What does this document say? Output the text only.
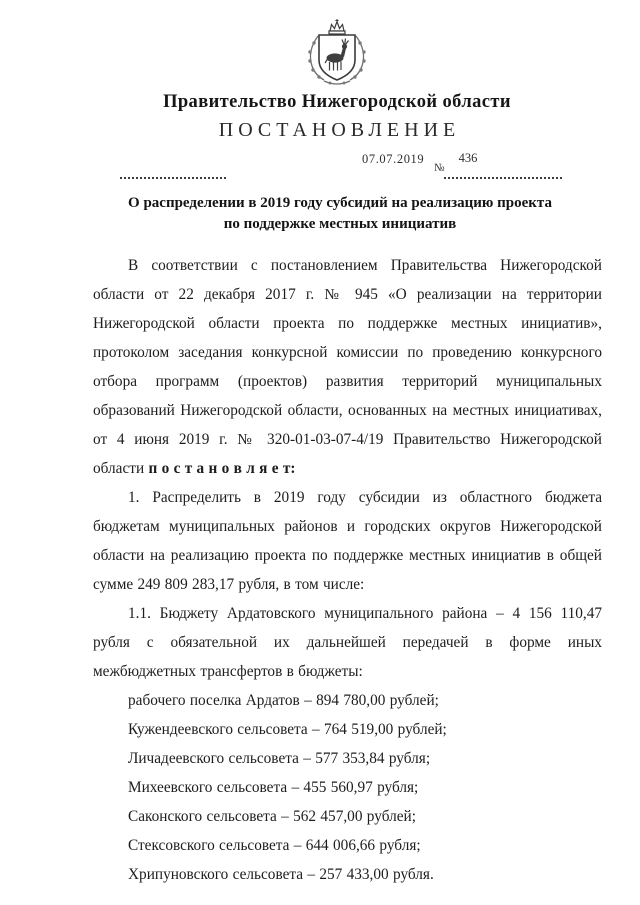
Правительство Нижегородской области
ПОСТАНОВЛЕНИЕ
07.07.2019
№
436
О распределении в 2019 году субсидий на реализацию проекта
по поддержке местных инициатив

В соответствии с постановлением Правительства Нижегородской области от 22 декабря 2017 г. № 945 «О реализации на территории Нижегородской области проекта по поддержке местных инициатив», протоколом заседания конкурсной комиссии по проведению конкурсного отбора программ (проектов) развития территорий муниципальных образований Нижегородской области, основанных на местных инициативах, от 4 июня 2019 г. № 320-01-03-07-4/19 Правительство Нижегородской области п о с т а н о в л я е т:

1. Распределить в 2019 году субсидии из областного бюджета бюджетам муниципальных районов и городских округов Нижегородской области на реализацию проекта по поддержке местных инициатив в общей сумме 249 809 283,17 рубля, в том числе:

1.1. Бюджету Ардатовского муниципального района – 4 156 110,47 рубля с обязательной их дальнейшей передачей в форме иных межбюджетных трансфертов в бюджеты:

рабочего поселка Ардатов – 894 780,00 рублей;

Кужендеевского сельсовета – 764 519,00 рублей;

Личадеевского сельсовета – 577 353,84 рубля;

Михеевского сельсовета – 455 560,97 рубля;

Саконского сельсовета – 562 457,00 рублей;

Стексовского сельсовета – 644 006,66 рубля;

Хрипуновского сельсовета – 257 433,00 рубля.
